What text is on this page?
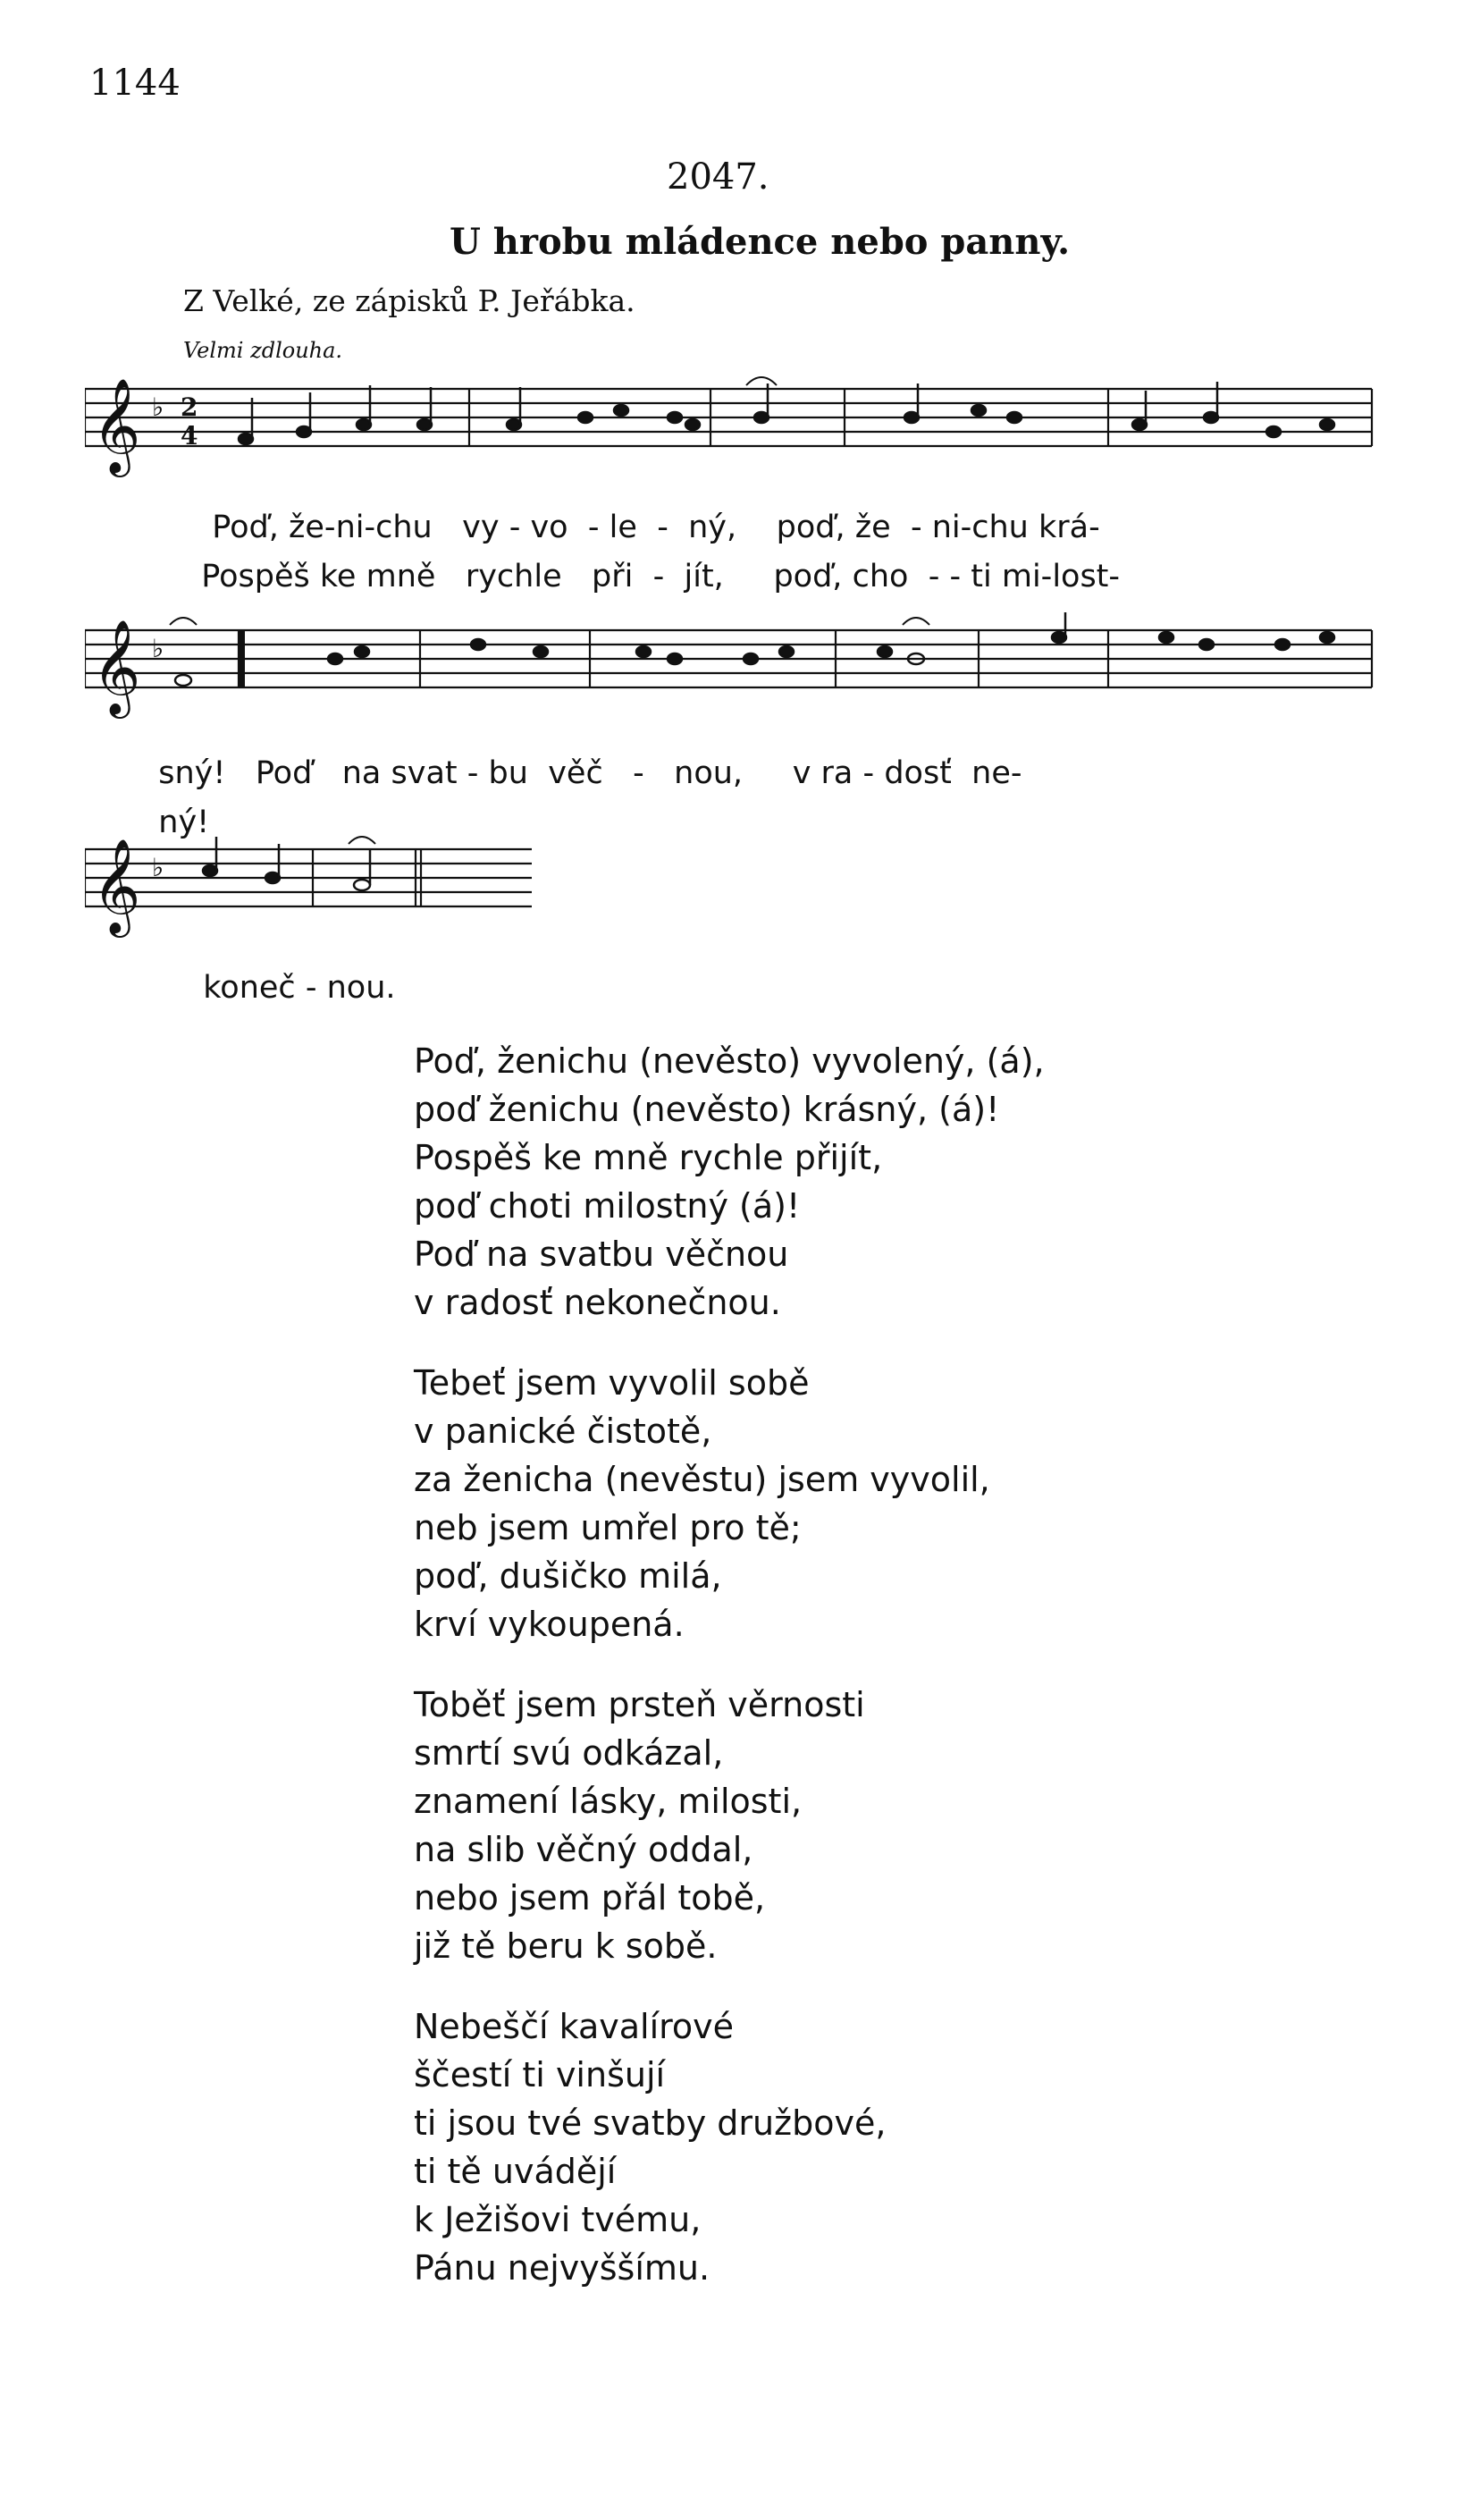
1144
2047.
U hrobu mládence nebo panny.
Z Velké, ze zápisků P. Jeřábka.
Velmi zdlouha.
𝄞 ♭ 2
4

Poď, že-ni-chu vy - vo - le - ný, poď, že - ni-chu krá-

Pospěš ke mně rychle při - jít, poď, cho - - ti mi-lost-

𝄞 ♭

sný! Poď na svat - bu věč - nou, v ra - dosť ne-

ný!

𝄞 ♭

koneč - nou.

Poď, ženichu (nevěsto) vyvolený, (á),
poď ženichu (nevěsto) krásný, (á)!
Pospěš ke mně rychle přijít,
poď choti milostný (á)!
Poď na svatbu věčnou
v radosť nekonečnou.
Tebeť jsem vyvolil sobě
v panické čistotě,
za ženicha (nevěstu) jsem vyvolil,
neb jsem umřel pro tě;
poď, dušičko milá,
krví vykoupená.
Toběť jsem prsteň věrnosti
smrtí svú odkázal,
znamení lásky, milosti,
na slib věčný oddal,
nebo jsem přál tobě,
již tě beru k sobě.
Nebeščí kavalírové
ščestí ti vinšují
ti jsou tvé svatby družbové,
ti tě uvádějí
k Ježišovi tvému,
Pánu nejvyššímu.
